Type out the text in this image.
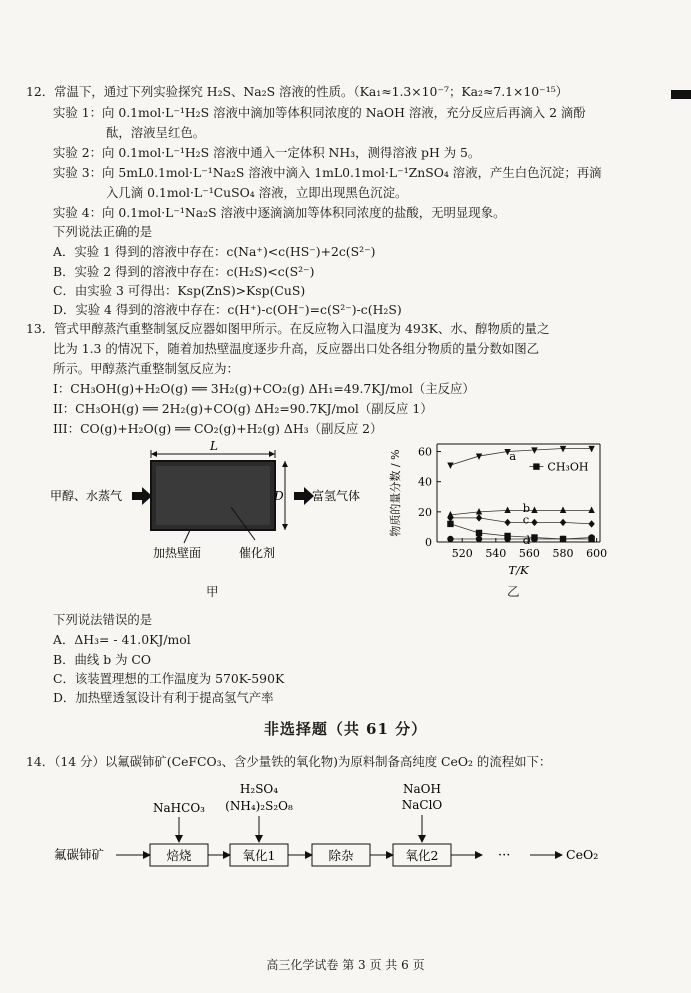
12．常温下，通过下列实验探究 H₂S、Na₂S 溶液的性质。（Ka₁≈1.3×10⁻⁷；Ka₂≈7.1×10⁻¹⁵）
实验 1：向 0.1mol·L⁻¹H₂S 溶液中滴加等体积同浓度的 NaOH 溶液，充分反应后再滴入 2 滴酚
酞，溶液呈红色。
实验 2：向 0.1mol·L⁻¹H₂S 溶液中通入一定体积 NH₃，测得溶液 pH 为 5。
实验 3：向 5mL0.1mol·L⁻¹Na₂S 溶液中滴入 1mL0.1mol·L⁻¹ZnSO₄ 溶液，产生白色沉淀；再滴
入几滴 0.1mol·L⁻¹CuSO₄ 溶液，立即出现黑色沉淀。
实验 4：向 0.1mol·L⁻¹Na₂S 溶液中逐滴滴加等体积同浓度的盐酸，无明显现象。
下列说法正确的是
A．实验 1 得到的溶液中存在：c(Na⁺)<c(HS⁻)+2c(S²⁻)
B．实验 2 得到的溶液中存在：c(H₂S)<c(S²⁻)
C．由实验 3 可得出：Ksp(ZnS)>Ksp(CuS)
D．实验 4 得到的溶液中存在：c(H⁺)-c(OH⁻)=c(S²⁻)-c(H₂S)
13．管式甲醇蒸汽重整制氢反应器如图甲所示。在反应物入口温度为 493K、水、醇物质的量之
比为 1.3 的情况下，随着加热壁温度逐步升高，反应器出口处各组分物质的量分数如图乙
所示。甲醇蒸汽重整制氢反应为：
I：CH₃OH(g)+H₂O(g) ══ 3H₂(g)+CO₂(g) ΔH₁=49.7KJ/mol（主反应）
II：CH₃OH(g) ══ 2H₂(g)+CO(g) ΔH₂=90.7KJ/mol（副反应 1）
III：CO(g)+H₂O(g) ══ CO₂(g)+H₂(g) ΔH₃（副反应 2）
甲醇、水蒸气
L
D 富氢气体
加热壁面	催化剂
甲
0
20
40
60
520 540 560 580 600
T/K
物质的量分数 / %	a
b
c
d
CH₃OH
乙
下列说法错误的是
A．ΔH₃= - 41.0KJ/mol
B．曲线 b 为 CO
C．该装置理想的工作温度为 570K-590K
D．加热壁透氢设计有利于提高氢气产率
非选择题（共 61 分）
14．（14 分）以氟碳铈矿(CeFCO₃、含少量铁的氧化物)为原料制备高纯度 CeO₂ 的流程如下：
氟碳铈矿	焙烧	氧化1	除杂	氧化2	···	CeO₂
NaHCO₃
H₂SO₄
(NH₄)₂S₂O₈
NaOH
NaClO
高三化学试卷 第 3 页 共 6 页
